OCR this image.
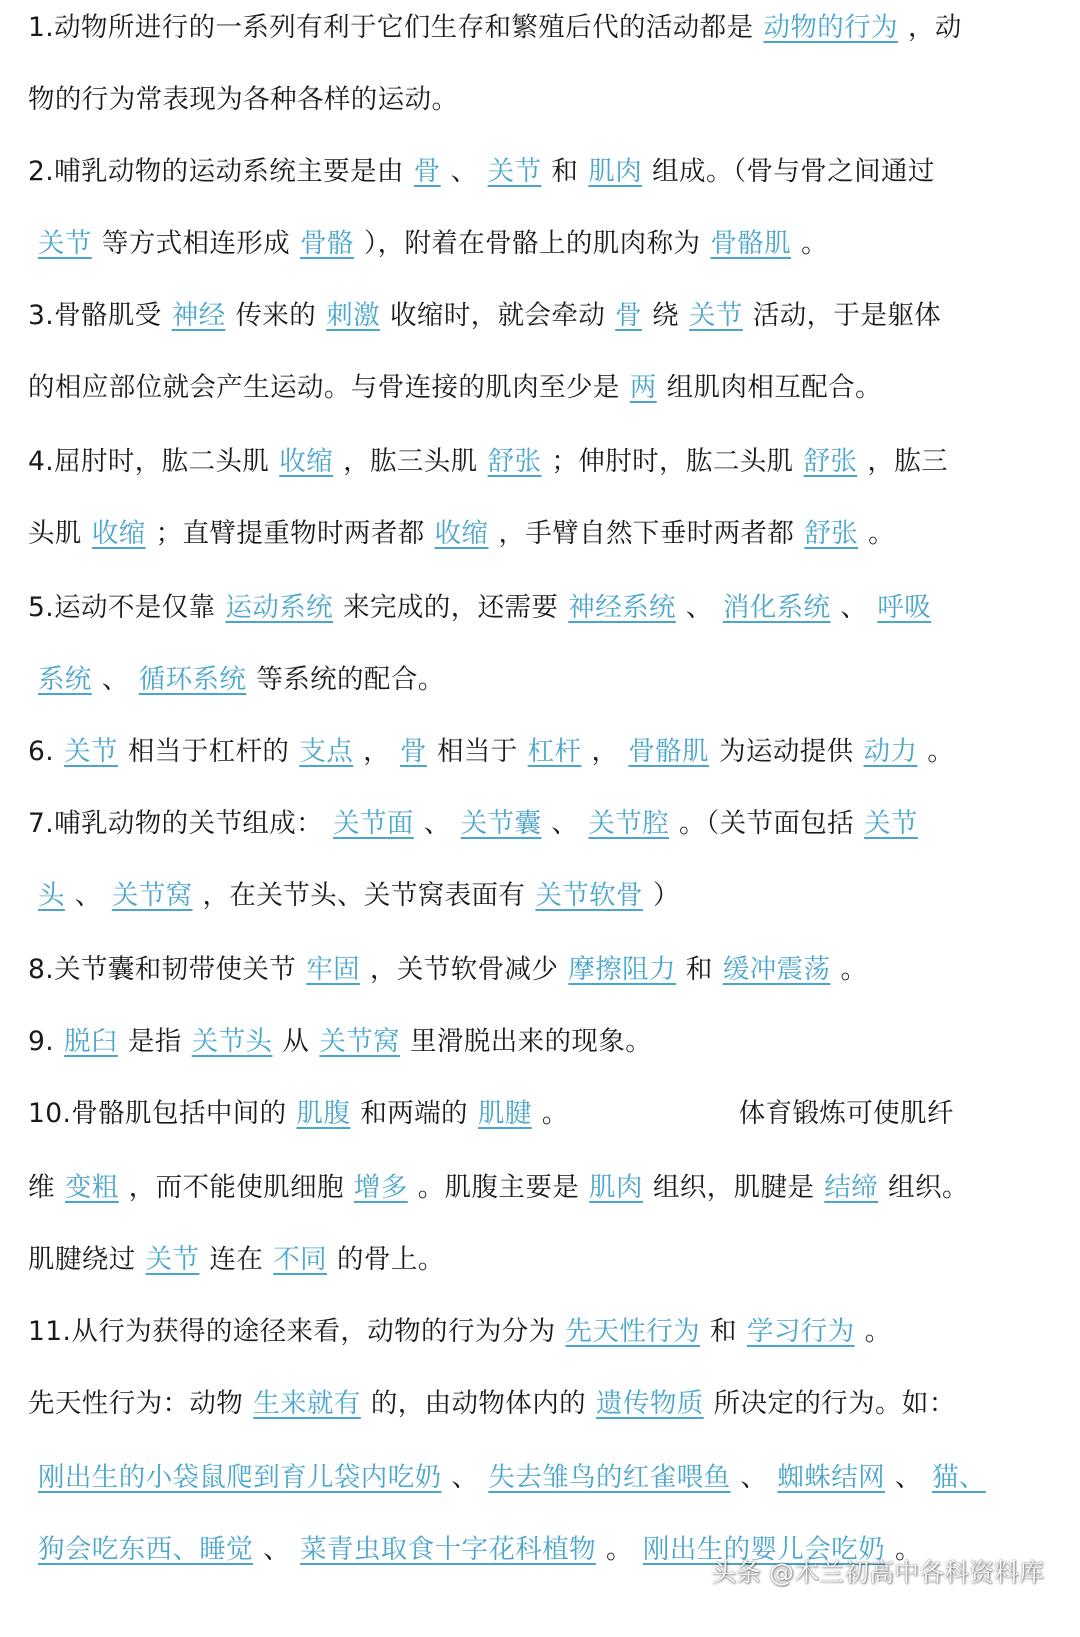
1.动物所进行的一系列有利于它们生存和繁殖后代的活动都是 动物的行为 ，动
物的行为常表现为各种各样的运动。
2.哺乳动物的运动系统主要是由 骨 、 关节 和 肌肉 组成。（骨与骨之间通过
关节 等方式相连形成 骨骼 ），附着在骨骼上的肌肉称为 骨骼肌 。
3.骨骼肌受 神经 传来的 刺激 收缩时，就会牵动 骨 绕 关节 活动，于是躯体
的相应部位就会产生运动。与骨连接的肌肉至少是 两 组肌肉相互配合。
4.屈肘时，肱二头肌 收缩 ，肱三头肌 舒张 ；伸肘时，肱二头肌 舒张 ，肱三
头肌 收缩 ；直臂提重物时两者都 收缩 ，手臂自然下垂时两者都 舒张 。
5.运动不是仅靠 运动系统 来完成的，还需要 神经系统 、 消化系统 、 呼吸
系统 、 循环系统 等系统的配合。
6. 关节 相当于杠杆的 支点 ， 骨 相当于 杠杆 ， 骨骼肌 为运动提供 动力 。
7.哺乳动物的关节组成： 关节面 、 关节囊 、 关节腔 。（关节面包括 关节
头 、 关节窝 ，在关节头、关节窝表面有 关节软骨 ）
8.关节囊和韧带使关节 牢固 ，关节软骨减少 摩擦阻力 和 缓冲震荡 。
9. 脱臼 是指 关节头 从 关节窝 里滑脱出来的现象。
10.骨骼肌包括中间的 肌腹 和两端的 肌腱 。	体育锻炼可使肌纤
维 变粗 ，而不能使肌细胞 增多 。肌腹主要是 肌肉 组织，肌腱是 结缔 组织。
肌腱绕过 关节 连在 不同 的骨上。
11.从行为获得的途径来看，动物的行为分为 先天性行为 和 学习行为 。
先天性行为：动物 生来就有 的，由动物体内的 遗传物质 所决定的行为。如：
刚出生的小袋鼠爬到育儿袋内吃奶 、 失去雏鸟的红雀喂鱼 、 蜘蛛结网 、 猫、
狗会吃东西、睡觉 、 菜青虫取食十字花科植物 。 刚出生的婴儿会吃奶 。
头条 @木兰初高中各科资料库
